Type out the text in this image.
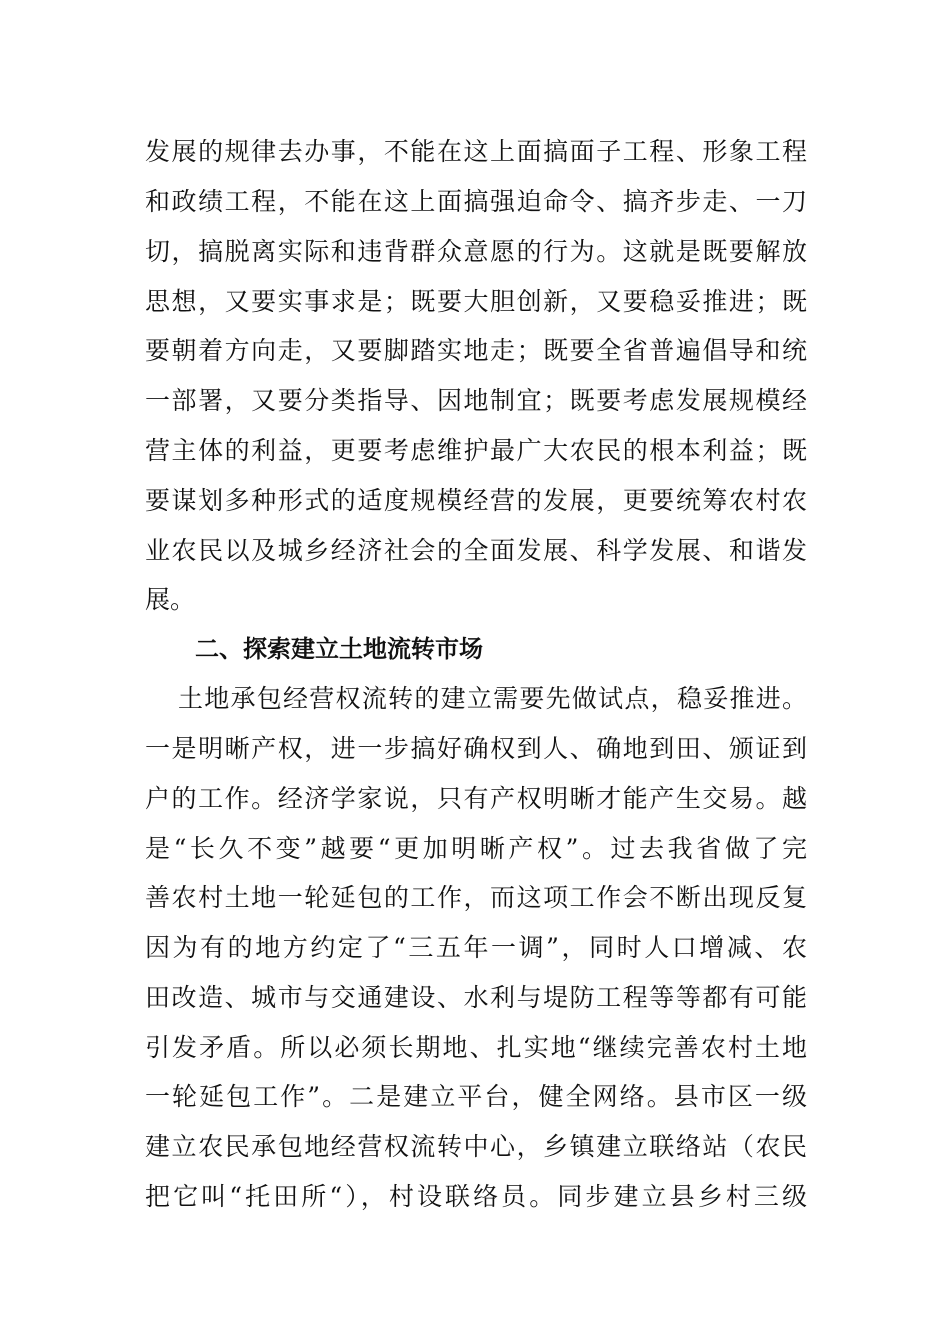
发展的规律去办事，不能在这上面搞面子工程、形象工程
和政绩工程，不能在这上面搞强迫命令、搞齐步走、一刀
切，搞脱离实际和违背群众意愿的行为。这就是既要解放
思想，又要实事求是；既要大胆创新，又要稳妥推进；既
要朝着方向走，又要脚踏实地走；既要全省普遍倡导和统
一部署，又要分类指导、因地制宜；既要考虑发展规模经
营主体的利益，更要考虑维护最广大农民的根本利益；既
要谋划多种形式的适度规模经营的发展，更要统筹农村农
业农民以及城乡经济社会的全面发展、科学发展、和谐发
展。
二、探索建立土地流转市场
土地承包经营权流转的建立需要先做试点，稳妥推进。
一是明晰产权，进一步搞好确权到人、确地到田、颁证到
户的工作。经济学家说，只有产权明晰才能产生交易。越
是“长久不变”越要“更加明晰产权”。过去我省做了完
善农村土地一轮延包的工作，而这项工作会不断出现反复
因为有的地方约定了“三五年一调”，同时人口增减、农
田改造、城市与交通建设、水利与堤防工程等等都有可能
引发矛盾。所以必须长期地、扎实地“继续完善农村土地
一轮延包工作”。二是建立平台，健全网络。县市区一级
建立农民承包地经营权流转中心，乡镇建立联络站（农民
把它叫“托田所“），村设联络员。同步建立县乡村三级
